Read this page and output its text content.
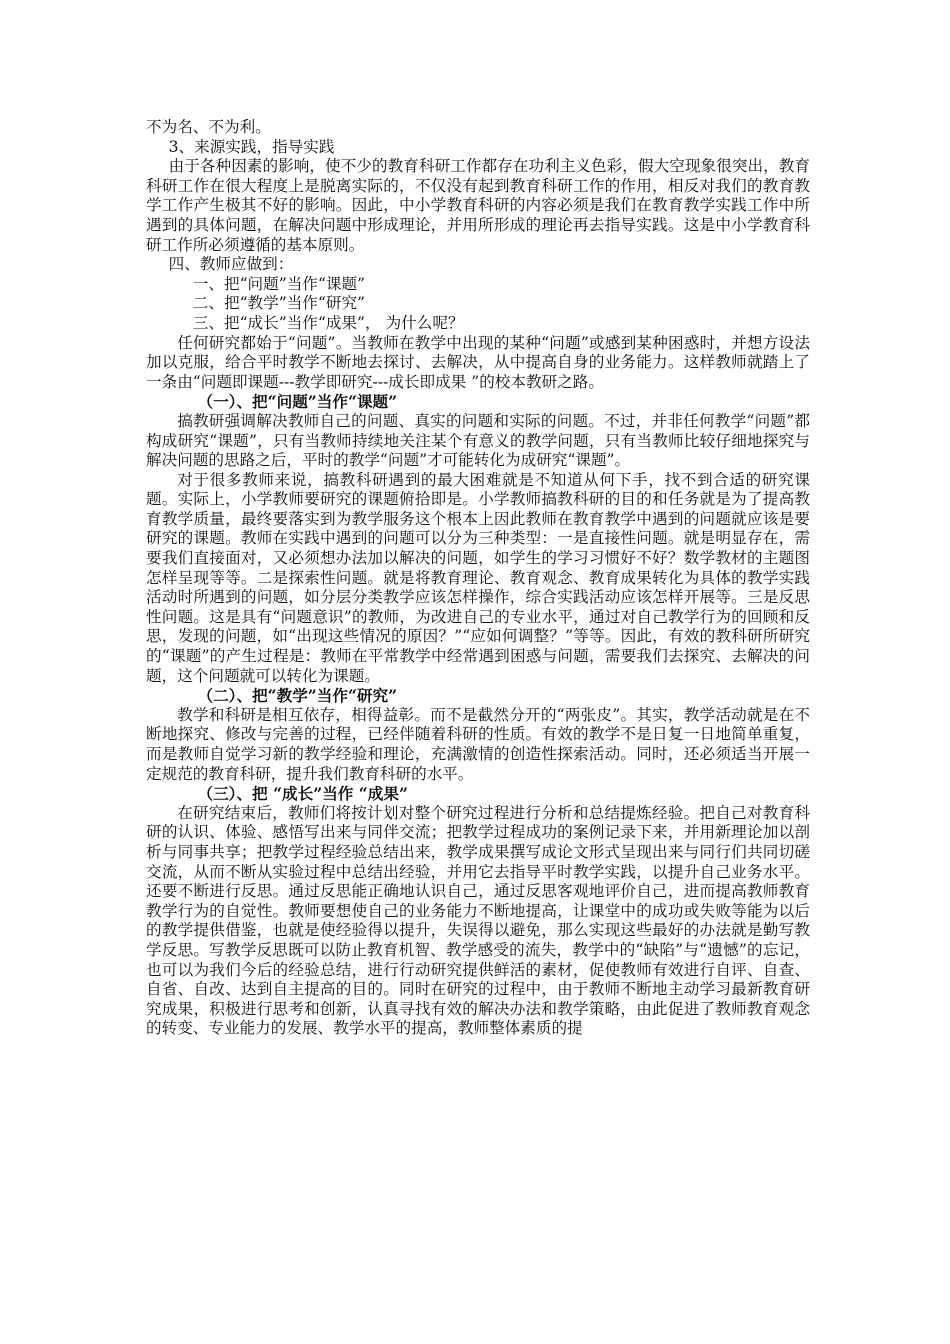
不为名、不为利。

3、来源实践，指导实践

由于各种因素的影响，使不少的教育科研工作都存在功利主义色彩，假大空现象很突出，教育科研工作在很大程度上是脱离实际的，不仅没有起到教育科研工作的作用，相反对我们的教育教学工作产生极其不好的影响。因此，中小学教育科研的内容必须是我们在教育教学实践工作中所遇到的具体问题，在解决问题中形成理论，并用所形成的理论再去指导实践。这是中小学教育科研工作所必须遵循的基本原则。

四、教师应做到：

一、把“问题”当作“课题”

二、把“教学”当作“研究”

三、把“成长”当作“成果”， 为什么呢？

任何研究都始于“问题”。当教师在教学中出现的某种“问题”或感到某种困惑时，并想方设法加以克服，给合平时教学不断地去探讨、去解决，从中提高自身的业务能力。这样教师就踏上了一条由“问题即课题---教学即研究---成长即成果 ”的校本教研之路。

（一）、把“问题”当作“课题”

搞教研强调解决教师自己的问题、真实的问题和实际的问题。不过，并非任何教学“问题”都构成研究“课题”，只有当教师持续地关注某个有意义的教学问题，只有当教师比较仔细地探究与解决问题的思路之后，平时的教学“问题”才可能转化为成研究“课题”。

对于很多教师来说，搞教科研遇到的最大困难就是不知道从何下手，找不到合适的研究课题。实际上，小学教师要研究的课题俯拾即是。小学教师搞教科研的目的和任务就是为了提高教育教学质量，最终要落实到为教学服务这个根本上因此教师在教育教学中遇到的问题就应该是要研究的课题。教师在实践中遇到的问题可以分为三种类型：一是直接性问题。就是明显存在，需要我们直接面对，又必须想办法加以解决的问题，如学生的学习习惯好不好？数学教材的主题图怎样呈现等等。二是探索性问题。就是将教育理论、教育观念、教育成果转化为具体的教学实践活动时所遇到的问题，如分层分类教学应该怎样操作，综合实践活动应该怎样开展等。三是反思性问题。这是具有“问题意识”的教师，为改进自己的专业水平，通过对自己教学行为的回顾和反思，发现的问题，如“出现这些情况的原因？”“应如何调整？”等等。因此，有效的教科研所研究的“课题”的产生过程是：教师在平常教学中经常遇到困惑与问题，需要我们去探究、去解决的问题，这个问题就可以转化为课题。

（二）、把“教学”当作“研究”

教学和科研是相互依存，相得益彰。而不是截然分开的“两张皮”。其实，教学活动就是在不断地探究、修改与完善的过程，已经伴随着科研的性质。有效的教学不是日复一日地简单重复，而是教师自觉学习新的教学经验和理论，充满激情的创造性探索活动。同时，还必须适当开展一定规范的教育科研，提升我们教育科研的水平。

（三）、把 “成长”当作 “成果”

在研究结束后，教师们将按计划对整个研究过程进行分析和总结提炼经验。把自己对教育科研的认识、体验、感悟写出来与同伴交流；把教学过程成功的案例记录下来，并用新理论加以剖析与同事共享；把教学过程经验总结出来，教学成果撰写成论文形式呈现出来与同行们共同切磋交流，从而不断从实验过程中总结出经验，并用它去指导平时教学实践，以提升自己业务水平。还要不断进行反思。通过反思能正确地认识自己，通过反思客观地评价自己，进而提高教师教育教学行为的自觉性。教师要想使自己的业务能力不断地提高，让课堂中的成功或失败等能为以后的教学提供借鉴，也就是使经验得以提升，失误得以避免，那么实现这些最好的办法就是勤写教学反思。写教学反思既可以防止教育机智、教学感受的流失，教学中的“缺陷”与“遗憾”的忘记，也可以为我们今后的经验总结，进行行动研究提供鲜活的素材，促使教师有效进行自评、自查、自省、自改、达到自主提高的目的。同时在研究的过程中，由于教师不断地主动学习最新教育研究成果，积极进行思考和创新，认真寻找有效的解决办法和教学策略，由此促进了教师教育观念的转变、专业能力的发展、教学水平的提高，教师整体素质的提
